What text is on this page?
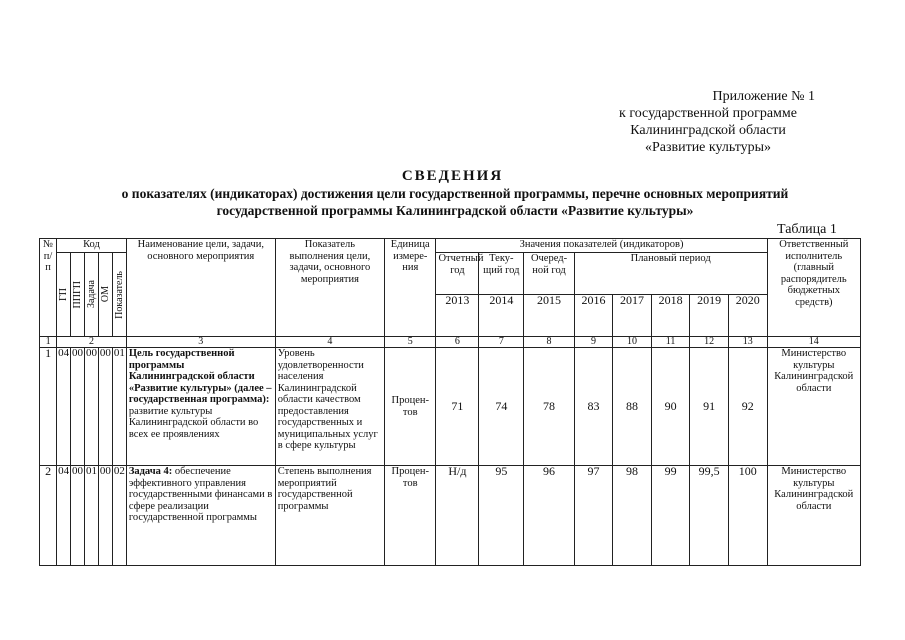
Приложение № 1
к государственной программе
Калининградской области
«Развитие культуры»
СВЕДЕНИЯ
о показателях (индикаторах) достижения цели государственной программы, перечне основных мероприятий
государственной программы Калининградской области «Развитие культуры»
Таблица 1
№ п/п	Код					Наименование цели, задачи, основного мероприятия	Показатель выполнения цели, задачи, основного мероприятия	Единица измере-ния	Значения показателей (индикаторов)								Ответственный исполнитель (главный распорядитель бюджетных средств)

	ГП	ППГП	Задача	ОМ	Показатель				Отчетный год	Теку-щий год	Очеред-ной год	Плановый период					
									2013	2014	2015	2016	2017	2018	2019	2020	
1	2					3	4	5	6	7	8	9	10	11	12	13	14
1	04	00	00	00	01	Цель государственной программы Калининградской области «Развитие культуры» (далее – государственная программа): развитие культуры Калининградской области во всех ее проявлениях	Уровень удовлетворенности населения Калининградской области качеством предоставления государственных и муниципальных услуг в сфере культуры	Процен-тов	71	74	78	83	88	90	91	92	Министерство культуры Калининградской области
2	04	00	01	00	02	Задача 4: обеспечение эффективного управления государственными финансами в сфере реализации государственной программы	Степень выполнения мероприятий государственной программы	Процен-тов	Н/д	95	96	97	98	99	99,5	100	Министерство культуры Калининградской области
